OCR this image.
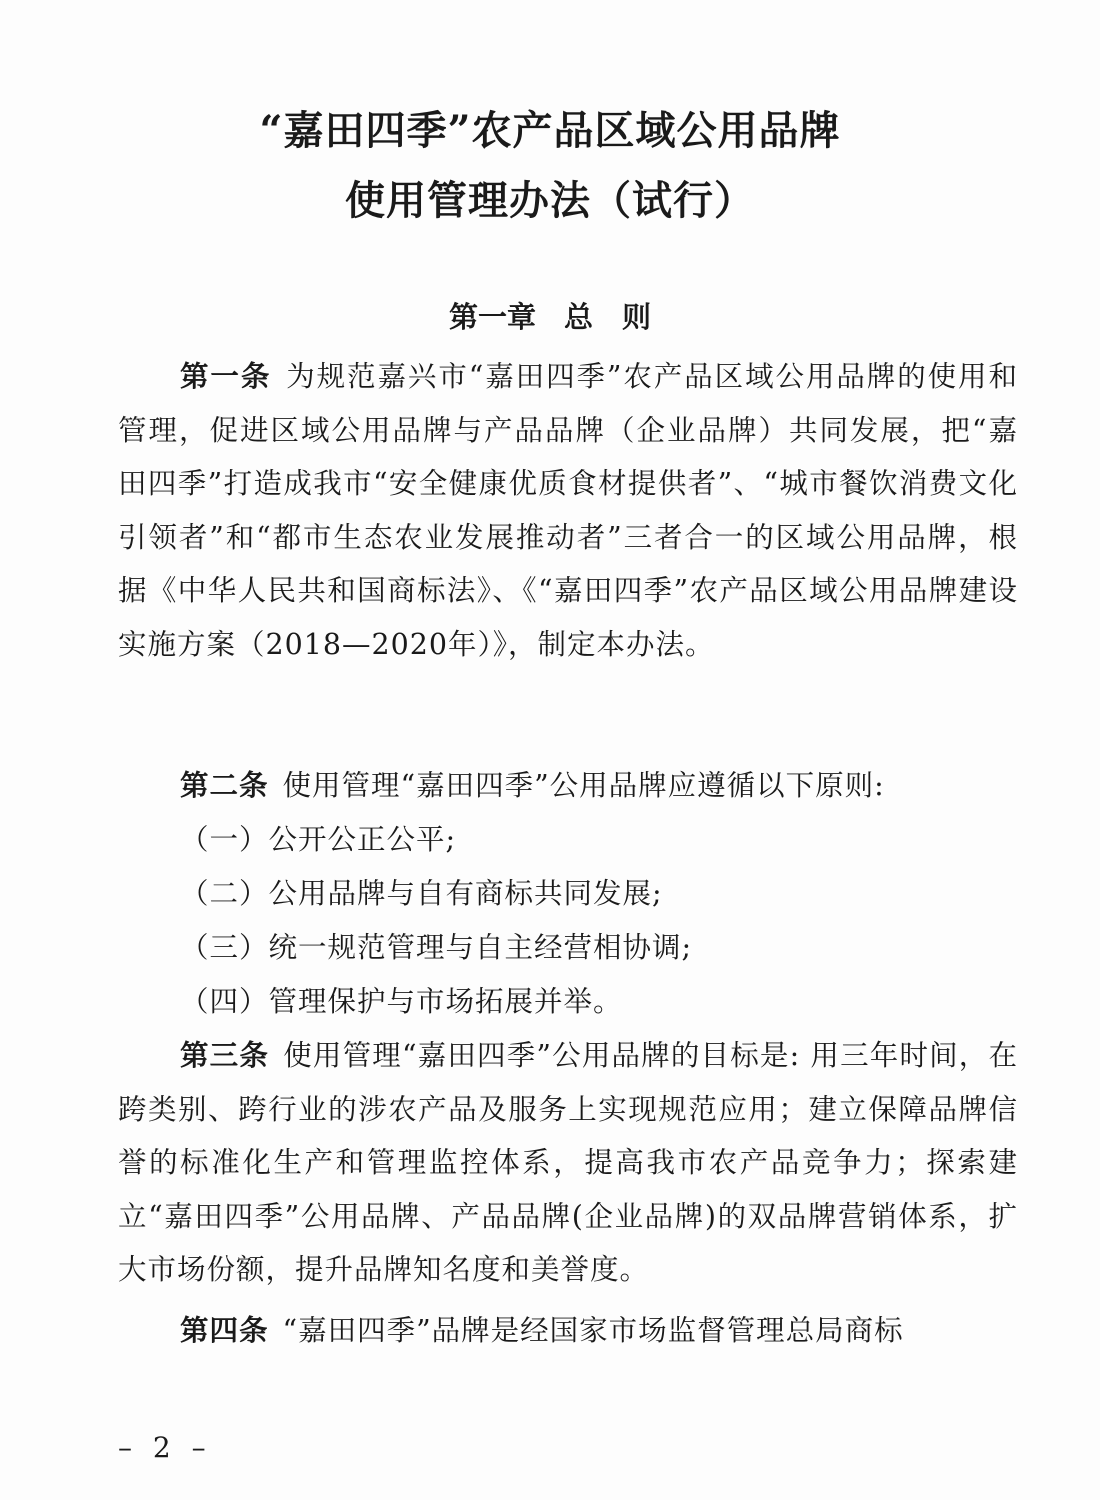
“嘉田四季”农产品区域公用品牌
使用管理办法（试行）
第一章 总　则

第一条 为规范嘉兴市“嘉田四季”农产品区域公用品牌的使用和管理，促进区域公用品牌与产品品牌（企业品牌）共同发展，把“嘉田四季”打造成我市“安全健康优质食材提供者”、“城市餐饮消费文化引领者”和“都市生态农业发展推动者”三者合一的区域公用品牌，根据《中华人民共和国商标法》、《“嘉田四季”农产品区域公用品牌建设实施方案（2018—2020年）》，制定本办法。

第二条 使用管理“嘉田四季”公用品牌应遵循以下原则:

（一）公开公正公平;

（二）公用品牌与自有商标共同发展;

（三）统一规范管理与自主经营相协调;

（四）管理保护与市场拓展并举。

第三条 使用管理“嘉田四季”公用品牌的目标是: 用三年时间，在跨类别、跨行业的涉农产品及服务上实现规范应用；建立保障品牌信誉的标准化生产和管理监控体系，提高我市农产品竞争力；探索建立“嘉田四季”公用品牌、产品品牌(企业品牌)的双品牌营销体系，扩大市场份额，提升品牌知名度和美誉度。

第四条 “嘉田四季”品牌是经国家市场监督管理总局商标

– 2 –
